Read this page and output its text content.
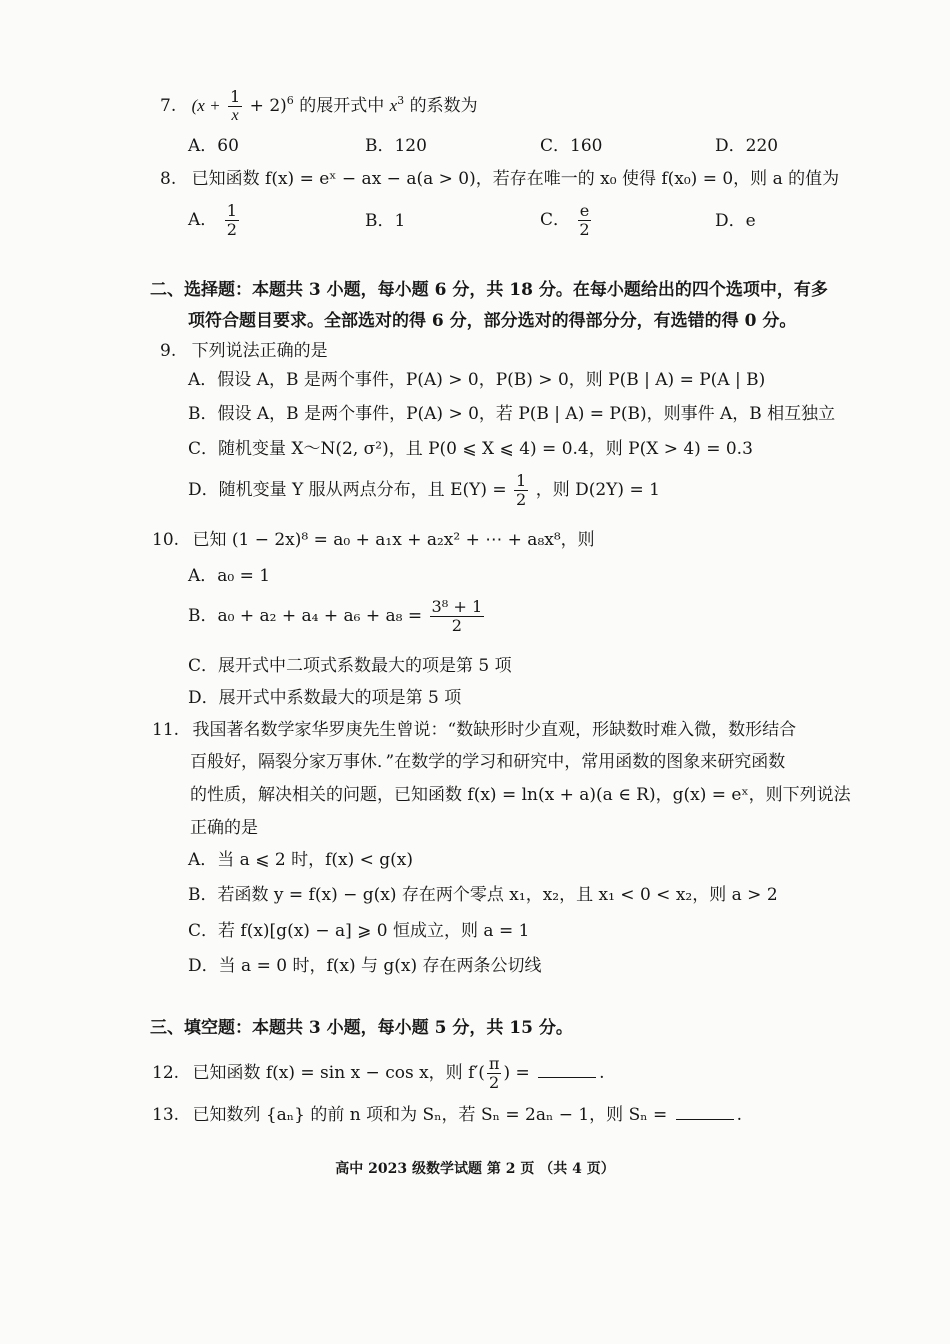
7. $(x + \frac{1}{x} + 2)^6$ 的展开式中 $x^3$ 的系数为
A．60	B．120	C．160	D．220
8. 已知函数 f(x) = eˣ − ax − a(a > 0)，若存在唯一的 x₀ 使得 f(x₀) = 0，则 a 的值为
A． $\frac{1}{2}$	B．1	C． $\frac{e}{2}$	D．e
二、选择题：本题共 3 小题，每小题 6 分，共 18 分。在每小题给出的四个选项中，有多
项符合题目要求。全部选对的得 6 分，部分选对的得部分分，有选错的得 0 分。
9. 下列说法正确的是
A．假设 A，B 是两个事件，P(A) > 0，P(B) > 0，则 P(B | A) = P(A | B)
B．假设 A，B 是两个事件，P(A) > 0，若 P(B | A) = P(B)，则事件 A，B 相互独立
C．随机变量 X～N(2, σ²)，且 P(0 ⩽ X ⩽ 4) = 0.4，则 P(X > 4) = 0.3
D．随机变量 Y 服从两点分布，且 $E(Y) = \frac{1}{2}$ ，则 D(2Y) = 1
10. 已知 (1 − 2x)⁸ = a₀ + a₁x + a₂x² + ⋯ + a₈x⁸，则
A．a₀ = 1
B．$a_0 + a_2 + a_4 + a_6 + a_8 = \frac{\text{3⁸ + 1}}{2}$
C．展开式中二项式系数最大的项是第 5 项
D．展开式中系数最大的项是第 5 项
11. 我国著名数学家华罗庚先生曾说：“数缺形时少直观，形缺数时难入微，数形结合
百般好，隔裂分家万事休．”在数学的学习和研究中，常用函数的图象来研究函数
的性质，解决相关的问题，已知函数 f(x) = ln(x + a)(a ∈ R)，g(x) = eˣ，则下列说法
正确的是
A．当 a ⩽ 2 时，f(x) < g(x)
B．若函数 y = f(x) − g(x) 存在两个零点 x₁，x₂，且 x₁ < 0 < x₂，则 a > 2
C．若 f(x)[g(x) − a] ⩾ 0 恒成立，则 a = 1
D．当 a = 0 时，f(x) 与 g(x) 存在两条公切线
三、填空题：本题共 3 小题，每小题 5 分，共 15 分。
12. 已知函数 f(x) = sin x − cos x，则 $f'( \frac{\pi}{2}$ ) =	.
13. 已知数列 {aₙ} 的前 n 项和为 Sₙ，若 Sₙ = 2aₙ − 1，则 Sₙ =	.
高中 2023 级数学试题 第 2 页 （共 4 页）
